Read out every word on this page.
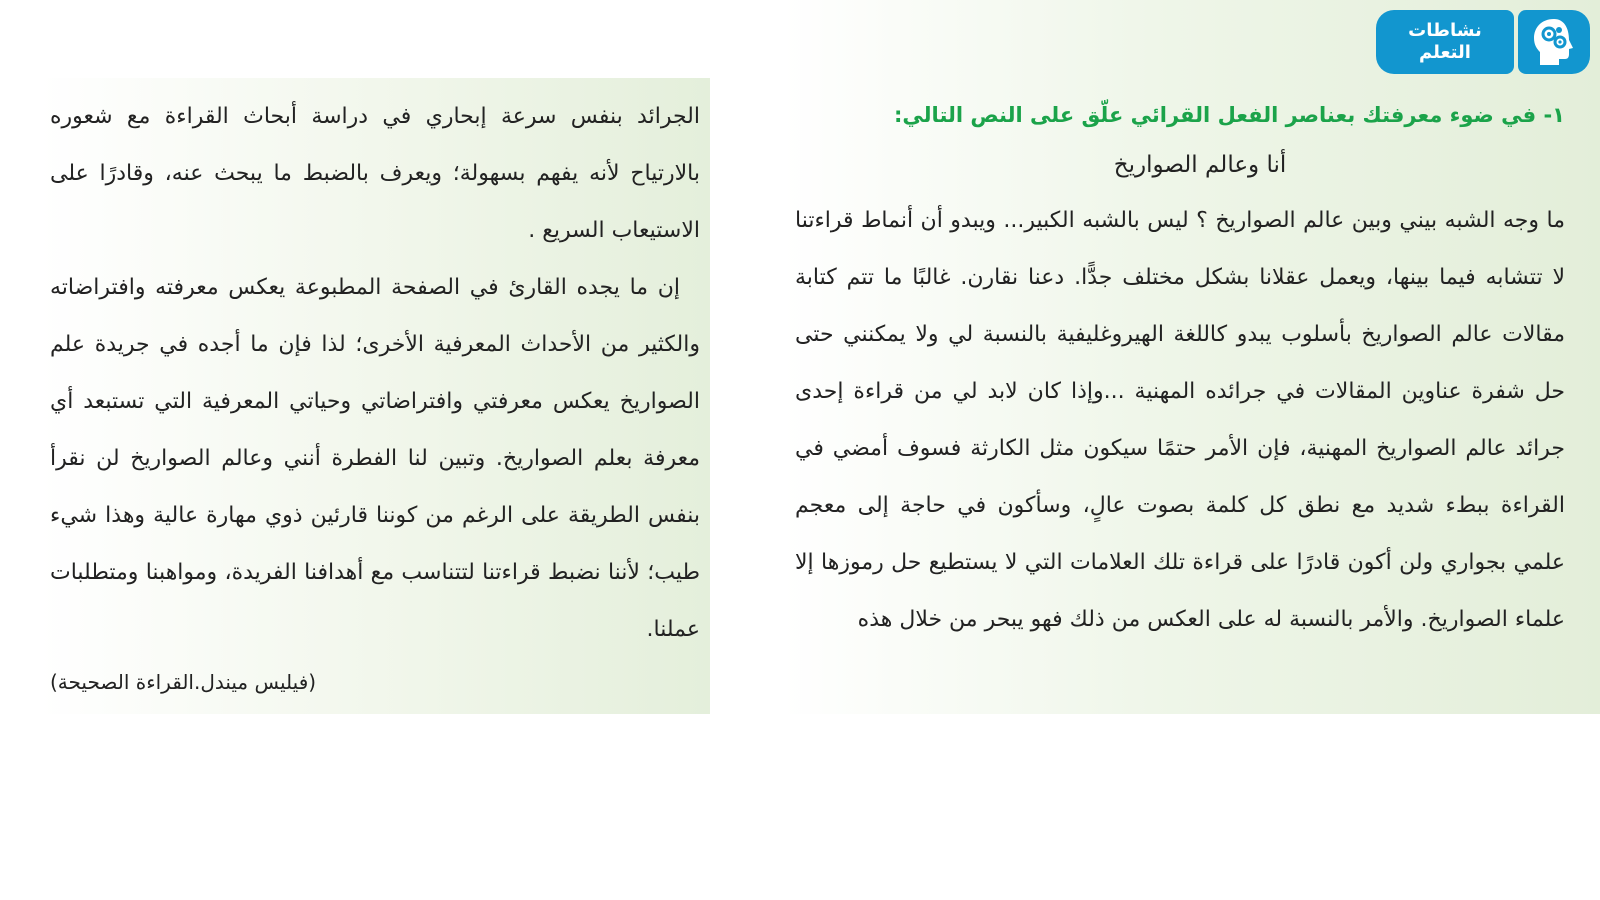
الجرائد بنفس سرعة إبحاري في دراسة أبحاث القراءة مع شعوره بالارتياح لأنه يفهم بسهولة؛ ويعرف بالضبط ما يبحث عنه، وقادرًا على الاستيعاب السريع .

إن ما يجده القارئ في الصفحة المطبوعة يعكس معرفته وافتراضاته والكثير من الأحداث المعرفية الأخرى؛ لذا فإن ما أجده في جريدة علم الصواريخ يعكس معرفتي وافتراضاتي وحياتي المعرفية التي تستبعد أي معرفة بعلم الصواريخ. وتبين لنا الفطرة أنني وعالم الصواريخ لن نقرأ بنفس الطريقة على الرغم من كوننا قارئين ذوي مهارة عالية وهذا شيء طيب؛ لأننا نضبط قراءتنا لتتناسب مع أهدافنا الفريدة، ومواهبنا ومتطلبات عملنا.

(فيليس ميندل.القراءة الصحيحة)

نشاطات التعلم

١- في ضوء معرفتك بعناصر الفعل القرائي علّق على النص التالي:

أنا وعالم الصواريخ

ما وجه الشبه بيني وبين عالم الصواريخ ؟ ليس بالشبه الكبير... ويبدو أن أنماط قراءتنا لا تتشابه فيما بينها، ويعمل عقلانا بشكل مختلف جدًّا. دعنا نقارن. غالبًا ما تتم كتابة مقالات عالم الصواريخ بأسلوب يبدو كاللغة الهيروغليفية بالنسبة لي ولا يمكنني حتى حل شفرة عناوين المقالات في جرائده المهنية ...وإذا كان لابد لي من قراءة إحدى جرائد عالم الصواريخ المهنية، فإن الأمر حتمًا سيكون مثل الكارثة فسوف أمضي في القراءة ببطء شديد مع نطق كل كلمة بصوت عالٍ، وسأكون في حاجة إلى معجم علمي بجواري ولن أكون قادرًا على قراءة تلك العلامات التي لا يستطيع حل رموزها إلا علماء الصواريخ. والأمر بالنسبة له على العكس من ذلك فهو يبحر من خلال هذه
